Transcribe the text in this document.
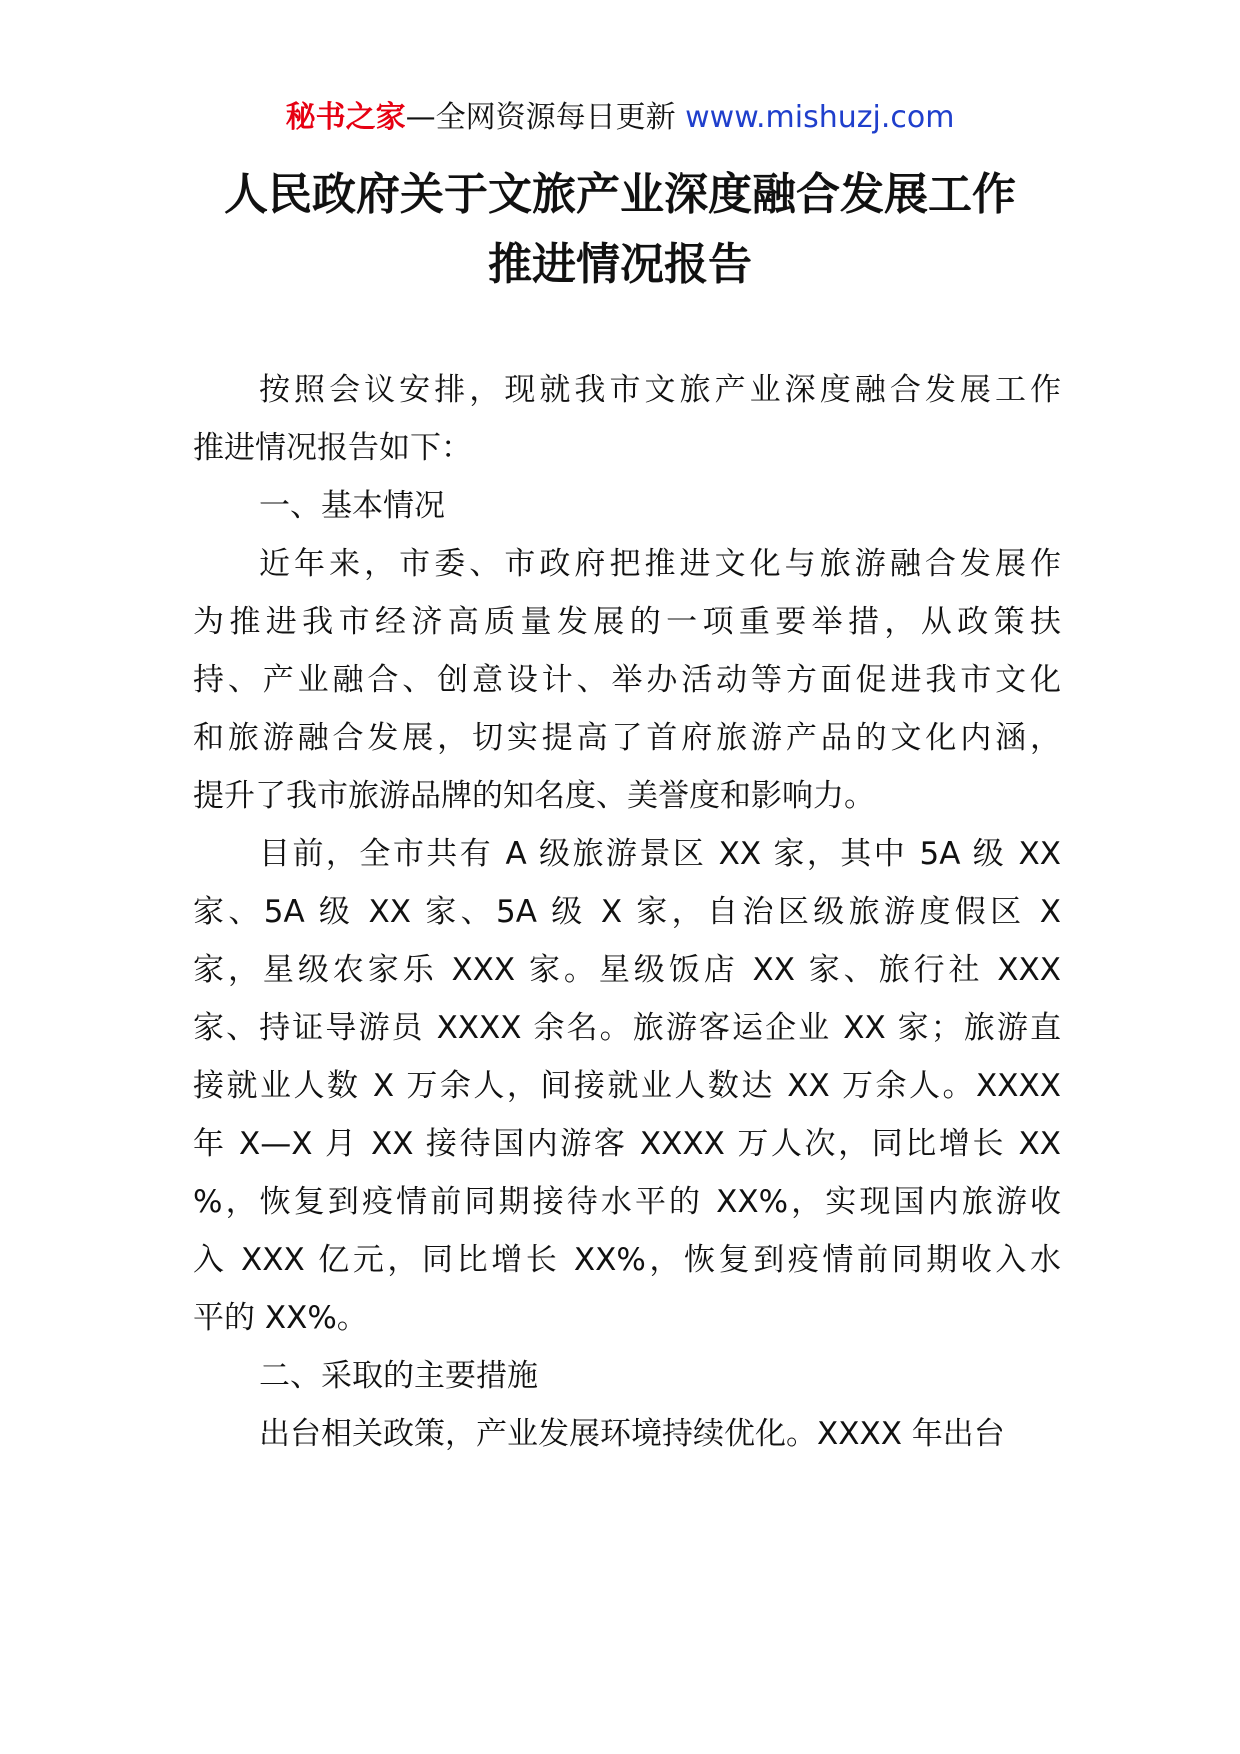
秘书之家—全网资源每日更新 www.mishuzj.com
人民政府关于文旅产业深度融合发展工作
推进情况报告
按照会议安排，现就我市文旅产业深度融合发展工作
推进情况报告如下：
一、基本情况
近年来，市委、市政府把推进文化与旅游融合发展作
为推进我市经济高质量发展的一项重要举措，从政策扶
持、产业融合、创意设计、举办活动等方面促进我市文化
和旅游融合发展，切实提高了首府旅游产品的文化内涵，
提升了我市旅游品牌的知名度、美誉度和影响力。
目前，全市共有 A 级旅游景区 XX 家，其中 5A 级 XX
家、5A 级 XX 家、5A 级 X 家，自治区级旅游度假区 X
家，星级农家乐 XXX 家。星级饭店 XX 家、旅行社 XXX
家、持证导游员 XXXX 余名。旅游客运企业 XX 家；旅游直
接就业人数 X 万余人，间接就业人数达 XX 万余人。XXXX
年 X—X 月 XX 接待国内游客 XXXX 万人次，同比增长 XX
%，恢复到疫情前同期接待水平的 XX%，实现国内旅游收
入 XXX 亿元，同比增长 XX%，恢复到疫情前同期收入水
平的 XX%。
二、采取的主要措施
出台相关政策，产业发展环境持续优化。XXXX 年出台
